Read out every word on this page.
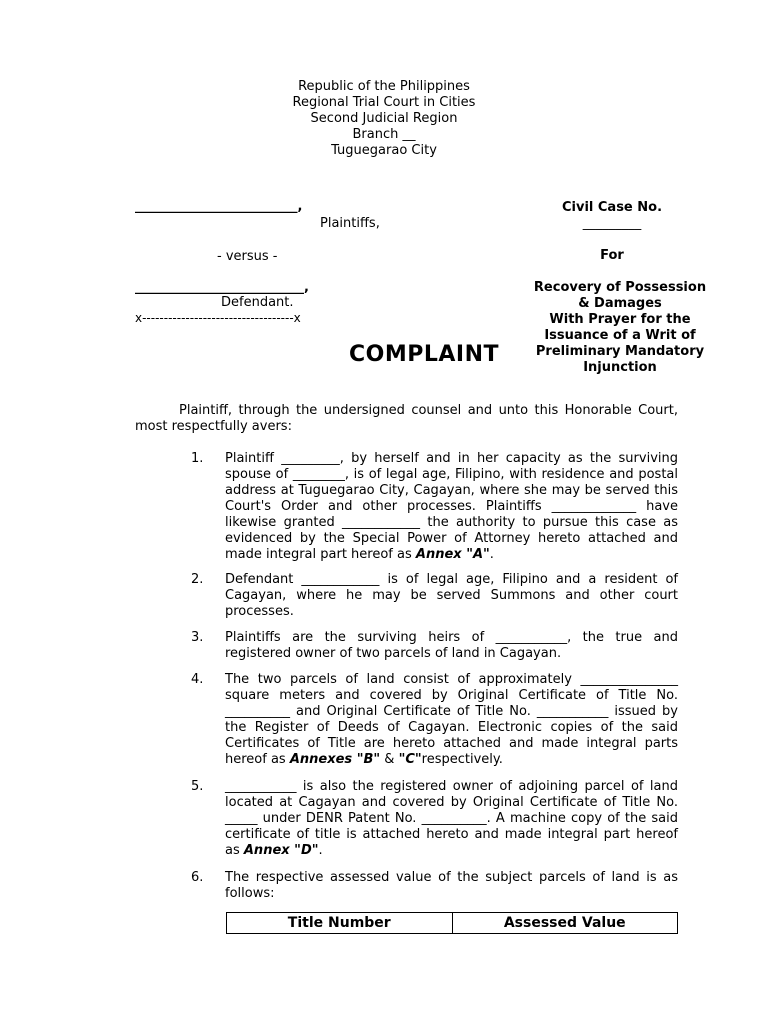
Republic of the Philippines
Regional Trial Court in Cities
Second Judicial Region
Branch __
Tuguegarao City
_________________________,
Plaintiffs,
- versus -
__________________________,
Defendant.
x-----------------------------------x
Civil Case No.
_________
For
Recovery of Possession
& Damages
With Prayer for the
Issuance of a Writ of
Preliminary Mandatory
Injunction
COMPLAINT
Plaintiff, through the undersigned counsel and unto this Honorable Court, most respectfully avers:
1.	Plaintiff _________, by herself and in her capacity as the surviving spouse of ________, is of legal age, Filipino, with residence and postal address at Tuguegarao City, Cagayan, where she may be served this Court's Order and other processes. Plaintiffs _____________ have likewise granted ____________ the authority to pursue this case as evidenced by the Special Power of Attorney hereto attached and made integral part hereof as Annex "A".
2.	Defendant ____________ is of legal age, Filipino and a resident of Cagayan, where he may be served Summons and other court processes.
3.	Plaintiffs are the surviving heirs of ___________, the true and registered owner of two parcels of land in Cagayan.
4.	The two parcels of land consist of approximately _______________ square meters and covered by Original Certificate of Title No. __________ and Original Certificate of Title No. ___________ issued by the Register of Deeds of Cagayan. Electronic copies of the said Certificates of Title are hereto attached and made integral parts hereof as Annexes "B" & "C"respectively.
5.	___________ is also the registered owner of adjoining parcel of land located at Cagayan and covered by Original Certificate of Title No. _____ under DENR Patent No. __________. A machine copy of the said certificate of title is attached hereto and made integral part hereof as Annex "D".
6.	The respective assessed value of the subject parcels of land is as follows:
Title Number	Assessed Value
